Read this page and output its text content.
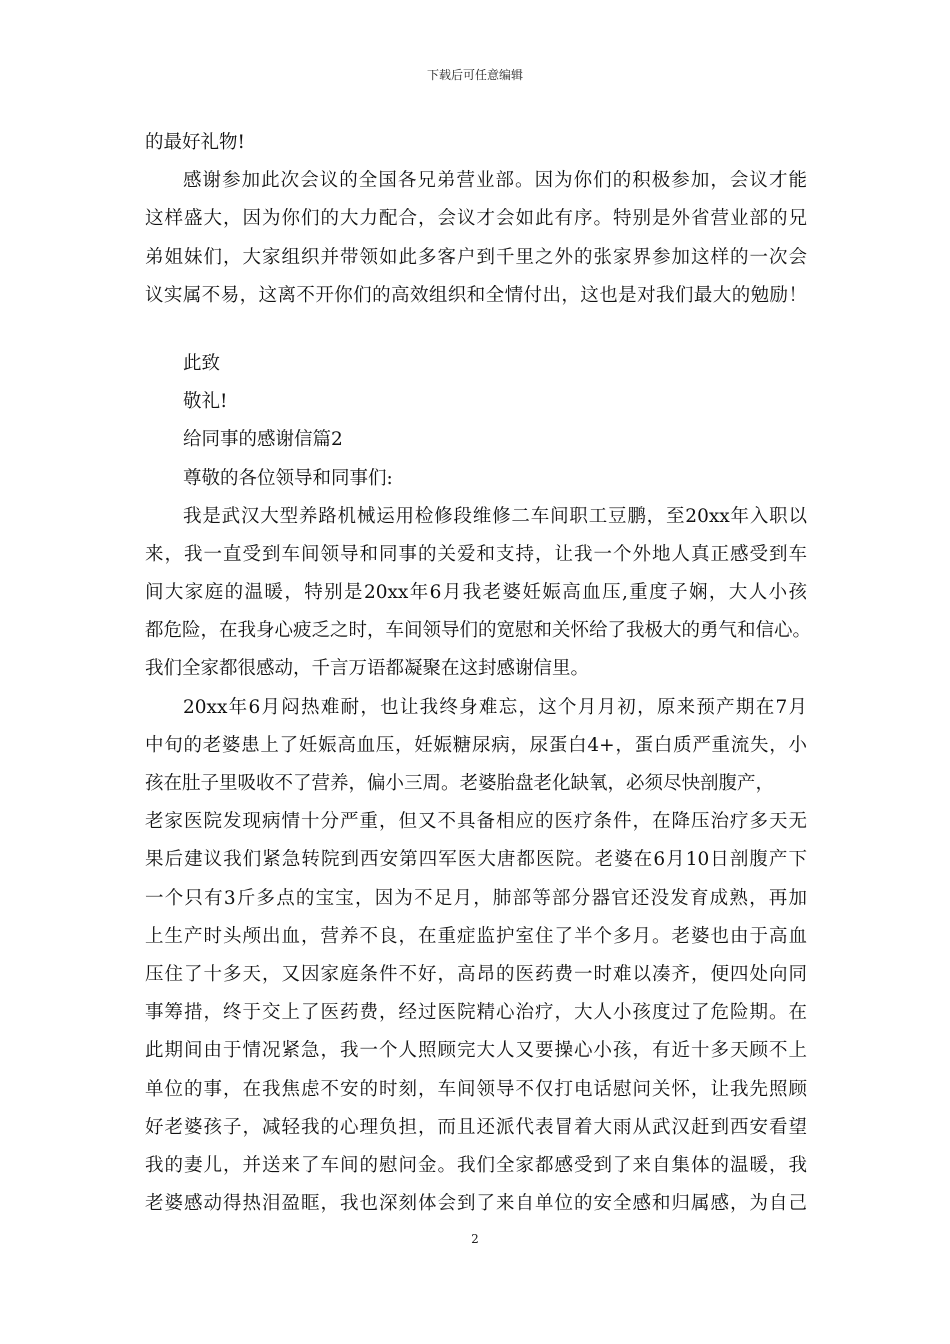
下载后可任意编辑
的最好礼物!
感谢参加此次会议的全国各兄弟营业部。因为你们的积极参加，会议才能
这样盛大，因为你们的大力配合，会议才会如此有序。特别是外省营业部的兄
弟姐妹们，大家组织并带领如此多客户到千里之外的张家界参加这样的一次会
议实属不易，这离不开你们的高效组织和全情付出，这也是对我们最大的勉励！
此致
敬礼!
给同事的感谢信篇2
尊敬的各位领导和同事们:
我是武汉大型养路机械运用检修段维修二车间职工豆鹏，至20xx年入职以
来，我一直受到车间领导和同事的关爱和支持，让我一个外地人真正感受到车
间大家庭的温暖，特别是20xx年6月我老婆妊娠高血压,重度子娴，大人小孩
都危险，在我身心疲乏之时，车间领导们的宽慰和关怀给了我极大的勇气和信心。
我们全家都很感动，千言万语都凝聚在这封感谢信里。
20xx年6月闷热难耐，也让我终身难忘，这个月月初，原来预产期在7月
中旬的老婆患上了妊娠高血压，妊娠糖尿病，尿蛋白4+，蛋白质严重流失，小
孩在肚子里吸收不了营养，偏小三周。老婆胎盘老化缺氧，必须尽快剖腹产，
老家医院发现病情十分严重，但又不具备相应的医疗条件，在降压治疗多天无
果后建议我们紧急转院到西安第四军医大唐都医院。老婆在6月10日剖腹产下
一个只有3斤多点的宝宝，因为不足月，肺部等部分器官还没发育成熟，再加
上生产时头颅出血，营养不良，在重症监护室住了半个多月。老婆也由于高血
压住了十多天，又因家庭条件不好，高昂的医药费一时难以凑齐，便四处向同
事筹措，终于交上了医药费，经过医院精心治疗，大人小孩度过了危险期。在
此期间由于情况紧急，我一个人照顾完大人又要操心小孩，有近十多天顾不上
单位的事，在我焦虑不安的时刻，车间领导不仅打电话慰问关怀，让我先照顾
好老婆孩子，减轻我的心理负担，而且还派代表冒着大雨从武汉赶到西安看望
我的妻儿，并送来了车间的慰问金。我们全家都感受到了来自集体的温暖，我
老婆感动得热泪盈眶，我也深刻体会到了来自单位的安全感和归属感，为自己
2
